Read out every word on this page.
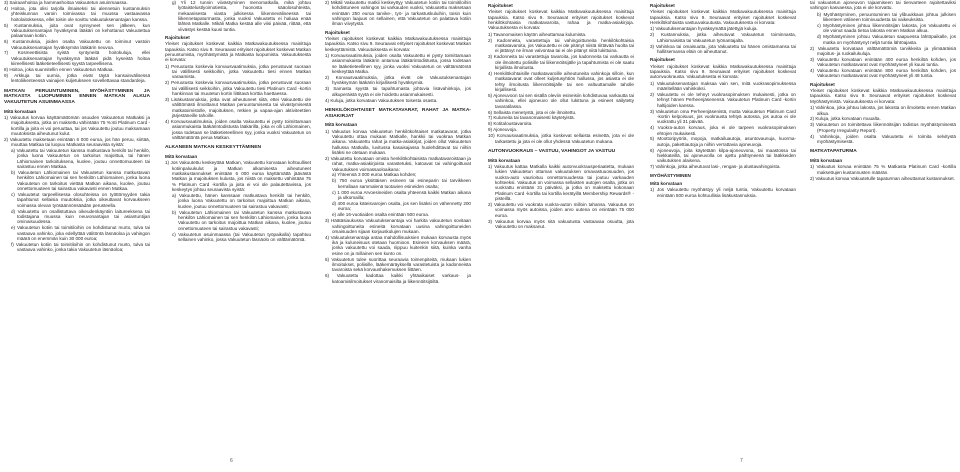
3) Sairaanhoitoa ja hammashoitoa Vakuutetun asuinmaassa.

4) Hoitoa, jota olisi tarjolla ilmaiseksi tai alennetuin kustannuksin yhteiskunnan varoin toimivassa tai muussa vastaavassa hoitolaitoksessa, ellei toisin ole sovittu Vakuutuksenantajan kanssa.

5) Kustannuksia, joita ovat synnyneet sen jälkeen, kun Vakuutuksenantajan hyväksymä lääkäri on kehottanut Vakuutettua palaamaan kotiin.

6) Kustannuksia, joiden osalta Vakuutettu on toiminut vastoin Vakuutuksenantajan hyväksymän lääkärin neuvoa.

7) Kosmeettisista syistä syntyneitä hoitokuluja, ellei Vakuutuksenantajan hyväksymä lääkäri pidä kyseistä hoitoa kiireellisesti lääketieteellisesti syystä tarpeellisena.

8) Hoitoa, joka suunnitellin ennen Vakuutetun Matkaa.

9) Arkkuja tai uurnia, jotka eivät täytä kansainvälisessä lentoliikenteessä vainajien kuljetukseen sovellettavaa standardeja.

MATKAN PERUUNTUMINEN, MYÖHÄSTYMINEN JA MATKASTA LUOPUMINEN ENNEN MATKAN ALKUA VAKUUTETUN ASUINMAASSA

Mitä korvataan

1) Vakuutus korvaa käyttämättömän osuuden Vakuutetun Matkaksi ja majoituksesta, jotka on maksettu vähintään 75 %:sti Platinum Card -kortilla ja joita ei voi peruuttaa, tai jos Vakuutettu joutuu maksamaan muutoksista aiheutunut kulut.

2) Vakuutettu maksetaan enintään 6 000 euroa, jos hän peruu, siirtää, muuttaa Matkaa tai luopuu Matkasta seuraavista syistä:

a) Vakuutettu tai Vakuutetun kanssa matkustava henkilö tai henkilö, jonka luona Vakuutetun on tarkoitus majoittua, tai hänen Lähiomainen tarkoituksena, kuolee, joutuu onnettomuuteen tai sairastuu ennen Matkaa.

b) Vakuutetun Lähiomainen tai Vakuutetun kanssa matkustavan henkilön Lähiomainen tai sen henkilön Lähiomainen, jonka luona Vakuutetun on tarkoitus viettää Matkan aikana, kuolee, joutuu onnettomuuteen tai sairastuu vakavasti ennen Matkaa.

c) Vakuutetut tarpeellisessa olosuhteissa on työttömyyden takia tapahtunut sellaisia muutoksia, jotka oikeuttavat korvaukseen voimassa olevan työsäännönsäädän perusteella.

d) Vakuutettu on osallistuttava oikeudenkäyntiin laitureeksena tai todistajana muussa kuin neuvonantajan tai asiantuntijan ominaisuudessa.

e) Vakuutetun kotiin tai toimitiloihin on kohdistunut murto, tulva tai vastaava vahinko, joka edellyttää välitöntä läsnäoloa ja vahingon määrä on enemmän kuin 30 000 euroa;

f) Vakuutetun kotiin tai toimitiloihin on kohdistunut murto, tulva tai vastaava vahinko, jonka takia Vakuutetun läsnäoloa;

g) Yli 12 tunnin viivästyminen menomatkalla, mikä johtuu lyötaistelustlyoimotiesta, huonosta sääolosuhteista, mekaanisesta viasta julkisessa liikennevälineessä tai liikennetapaturmasta, jonka vuoksi Vakuutettu ei haluaa enää lähteä Matkalle. Mikäli Matka kestää alle viisi päivää, riittää, että viivästys kestää kuusi tuntia.

Rajoitukset

Yleiset rajoitukset koskevat kaikkia Matkavakuutuksessa mainittuja tapauksia. Katso sivu 9. Seuraavat erityiset rajoitukset koskevat Matkan peruuntumista, myöhästymistä ja Matkasta luopumista. Vakuutuksesta ei korvata:

1) Peruutusta koskevia korvausvaatimuksia, jotka perustuvat suoraan tai välillisesti seikkoihin, jotka Vakuutettu tiesi ennen Matkan varaamista.

2) Peruutusta koskevia korvausvaatimuksia, jotka perustuvat suoraan tai välillisesti seikkoihin, jotka Vakuutettu tiesi Platinum Card -kortin hankinnan tai muutetun kortin liittitavä korttia haettaessa.

3) Lisäkustannuksia, jotka ovat aiheutuneet siitä, ettei Vakuutettu ole välittömästi ilmoittanut Matkan peruuntumisesta tai viivästymisestä matkatoimistolle, majoituksen, retkien ja vapaa-ajan aktiviteettien järjestäneille tahoille.

4) Korvausvaatimuksia, joiden osalta Vakuutettu ei pysty toimittamaan asianmukaista lääkärintodistusta lääkärillä, joka ei olli Lähiomainen, jossa todetaan se lääketieteellinen syy, jonka vuoksi Vakuutetun on välttämätöntä perua Matkan.

ALKANEEN MATKAN KESKEYTTÄMINEN

Mitä korvataan

1) Jos Vakuutettu keskeyttää Matkan, Vakuutettu korvataan kohtuulliset kotiinpaluukulut ja Matkan alkamisesta aiheutuneet matkakustannukset enintään 6 000 euroa käyttämättä jäävästä Matkan ja majoituksen kulusta, jos niistä on maksettu vähintään 75 % Platinum Card -kortilla ja joita ei voi ole palautettavissa, jos keskeytys johtuu seuraavista syistä:

a) Vakuutettu, hänen kanssaan matkustava henkilö tai henkilö, jonka luona Vakuutettu on tarkoitus majoittua Matkan aikana, kuolee, joutuu onnettomuuteen tai sairastuu vakavasti;

b) Vakuutetun Lähiomainen tai Vakuutetun kanssa matkustavan henkilön Lähiomainen tai sen henkilön Lähiomainen, jonka luona Vakuutettu on tarkoitus majoittua Matkan aikana, kuolee, joutuu onnettomuuteen tai sairastuu vakavasti;

c) Vakuutetun asuinmaassa (tai Vakuutetun työpaikalla) tapahtuu sellainen vahinko, jossa Vakuutetun läsnäolo on välttämätöntä.

2) Mikäli Vakuutettu matkii keskeyttyy Vakuutetun kotiin tai toimitiloihin kohdistuneen vahingon tai varkauden vuoksi, Vakuutettu maksetaan enintään 250 euroa tarvike-, työ- ja tarkastuskuluihin, toisin kuin vahingon laajuus on sellainen, että Vakuutetun on palattava kotiin ilman viivytystä.

Rajoitukset

Yleiset rajoitukset koskevat kaikkia Matkavakuutuksessa mainittuja tapauksia. Katso sivu 9. Seuraavat erityiset rajoitukset koskevat Matkan keskeyttämistä. Vakuutuksesta ei korvata:

1) Korvausvaatimuksia, joiden osalta Vakuutettu ei pysty toimittamaan asianmukaista lääkärin antamaa lääkärintodistusta, jossa todetaan se lääketieteellinen syy, jonka vuoksi Vakuutetun on välttämätöntä keskeyttää Matka.

2) Korvausvaatimuksia, jotka eivät ole Vakuutuksenantajan hyväksymän lääkärin kirjallisesti hyväksymiä.

3) Samasta syystä tai tapahtumasta johtuvia lisävahinkoja, jos alkuperäistä syytä ei ole hoidettu asianmukaisesti.

4) Kuluja, jotka korvataan Vakuutuksen toisesta osasta.

HENKILÖKOHTAISET MATKATAVARAT, RAHAT JA MATKA-ASIAKIRJAT

Mitä korvataan

1) Vakuutus korvaa Vakuutetun henkilökohtaiset matkatavarat, jotka Vakuutettu ottaa mukaan Matkalle, hankkii tai vuokraa Matkan aikana. Vakuutettu rahat ja matka-asiakirjat, joiden ollut Vakuutetun hallussa Matkalla, luvitussa kasaisajassa huolehdittavat tai niihin lisäksi ne otetaan mukaan.

2) Vakuutettu korvataan omista henkilökohtaisista matkatavaroistaan ja rahat, matka-asiakirjoista varastetuksi, katoavat tai vahingoittuvat Vakuutuksen voimassaoloaikana:

a) Yhteensä 3 000 euroa Matkaa kohden;

b) 750 euroa yksittäisen esineen tai esineparin tai tarvikkeen kerrallaan sammalenä tuotavien esineiden osalta;

c) 1 000 euroa Arvoesineiden osalta yhteensä kaikki Matkan aikana ja ulkomailla;

d) 400 euroa käteisvarojen osalta, jos sen lisäksi on vähennetty 200 euroa;

e) alle 16-vuotiaiden osalta enintään 500 euroa.

3) Häätäsiaukussa Vakuutuksenantaja voi harkita vakuutetun sovitaan vahingoittuneita esineitä korvataan uusina vahingoittuneiden omaisuuden sijaan korjauskulujen mukaan.

4) Vakuutuksenantaja antaa mahdollisuuksien mukaan korvausta myös ikä ja kuluneisuus otetaan huomioon. Esineen korvauksen määrä, jonka vakuutettu voi saada, riippuu kuitenkin siitä, kuinka vanha esine on ja millainen sen kunto on.

5) Vakuutetun tulee suorittaa seuraavia toimenpiteitä, mukaan lukien ilmoitukset, poliisille, lääkemäräyksellä varastetuista ja kadonneista tavaroista sekä korvaushakemuksen liittäen.

6) Vakuutettu kadottaa kaikki yhtäaikaiset varkaus- ja katoamisilmoitukset viranomaisilta ja liikennöitsijöiltä.

6

Rajoitukset

Yleiset rajoitukset koskevat kaikkia Matkavakuutuksessa mainittuja tapauksia. Katso sivu 9. Seuraavat erityiset rajoitukset koskevat henkilökohtaisia matkatavaroita, rahaa ja matka-asiakirjoja. Vakuutuksesta ei korvata:

1) Tavanomaisen käytön aiheuttamaa kulumista.

2) Kadonneita, varastettuja tai vahingoittuneita henkilökohtaisia matkatavaroita, jos Vakuutettu ei ole pitänyt niistä riittävää huolta tai ei jättänyt ne ilman valvontaa tai ei ole pitänyt niitä lukittuina.

3) Kadonneita tai varastettuja tavaroita, jos kadonneita tai varkautta ei ole ilmoitettu poliisille tai liikennöitsijälle ja tapahtumista ei ole saatu kirjallista ilmoitusta.

4) Henkilökohtaisille matkatavaroille aiheutuneita vahinkoja silloin, kun matkatavarat ovat olleet kuljetusyhtiön hallussa, jos asiasta ei ole tehty ilmoitusta liikennöitsijälle tai sen valtuuttamalle taholle kirjallisesti.

5) Ajoneuvoon tai sen sisällä oleviin esineisiin kohdistuvaa varkautta tai vahinkoa, ellei ajoneuvo ole ollut lukittuna ja esineet säilytetty tavaratilassa.

6) Sellaista menetystä, jota ei ole ilmoitettu.

7) Kuluneita tai tavanomaisesti käytetyistä.

8) Kotitaloustavaroita.

9) Ajoneuvoja.

10) Korvausvaatimuksia, jotka koskevat sellaista esinettä, jota ei ole tarkastettu ja jota ei ole ollut yhdessä Vakuutetun mukana.

AUTONVUOKRAUS – VASTUU, VAHINGOT JA VASTUU

Mitä korvataan

1) Vakuutus kattaa Matkalla kaikki autonvuokrausperiaatetta, mukaan lukien Vakuutetun ottaman vakuutuksen omavastuuosuuden, jos vuokra-auto vaurioituu onnettomuudessa tai joutuu varkauden kohteeksi. Vakuutus on voimassa sellaisten autojen osalta, jotka on vuokrattu enintään 31 päiväksi, ja jotka on maksettu kokonaan Platinum Card -kortilla tai kortilla kerätyillä Membership Rewards® -pisteillä.

2) Vakuutettu voi vuokrata vuokra-auton milloin tahansa. Vakuutus on voimassa myös autoissa, joiden arvo uutena on enintään 75 000 euroa.

3) Vakuutus korvaa myös sitä vakuutusta vastaavaa osuutta, jota Vakuutettu on maksanut.

Rajoitukset

Yleiset rajoitukset koskevat kaikkia Matkavakuutuksessa mainittuja tapauksia. Katso sivu 9. Seuraavat erityiset rajoitukset koskevat Henkilökohtaista vastuuvakuutusta. Vakuutuksesta ei korvata:

1) Vakuutuksenantajan hyväksymättä jätettyjä kuluja.

2) Kustannuksia, jotka aiheutuvat Vakuutetun toiminnasta, Lähiomaisista tai Vakuutetun työnantajalta.

3) Vahinkoa tai omaisuutta, jota Vakuutettu tai hänen omistamansa tai hallitsemansa eläin on aiheuttanut.

Rajoitukset

Yleiset rajoitukset koskevat kaikkia Matkavakuutuksessa mainittuja tapauksia. Katso sivu 9. Seuraavat erityiset rajoitukset koskevat autonvuokrausta. Vakuutuksesta ei korvata:

1) Vakuutuksenantajan maksaa vain sen, mitä vuokrasopimuksessa määritellään vahinkoksi.

2) Vakuutettu ei ole tehnyt vuokrasopimuksen mukaisesti, jotka on tehnyt hänen Perheenjäsenensä. Vakuutetun Platinum Card -kortin haltijoiden kanssa.

3) Vakuutetun oma Perheenjäsenistä, mutta Vakuutetun Platinum Card -kortin kelpoisuus, jos vuokrausta tehtyä autossa, jos autoa ei ole vuokrattu yli 31 päivää.

4) Vuokra-auton korvaus, joka ei ole tarpeen vuokrasopimuksen ehtojen mukaisesti.

5) Moottoripyöriä, mopoja, matkailuautoja, asuntovaunuja, kuorma-autoja, pakettiautoja ja niihin verrattavia ajoneuvoja.

6) Ajoneuvoja, joita käytetään kilpa-ajoneuvona, tai maastossa tai hiekkateillä, tai ajoneuvolla on ajettu päihtyneenä tai lääkkeiden vaikutuksen alaisena.

7) Vahinkoja, jotka aiheutuvat lasi-, rengas- ja alustavahingoista.

MYÖHÄSTYMINEN

Mitä korvataan

1) Jos Vakuutettu myöhästyy yli neljä tuntia, Vakuutettu korvataan enintään 500 euroa kohtuullisia lisäkustannuksia.

tai vakuutetun ajoneuvon rajaamiseen tai tienvarteen rajoitettaviksi vahingon kasvaessa, jota ei ole korvattu.

b) Myöhästyminen, peruuntuminen tai ylibuukkaus johtuu julkisen liikenteen välineen toimivuudesta tai vaikeuksista.

c) Myöhästyminen johtuu liikennöitsijän lakosta, jos Vakuutettu ei ole voinut saada tietoa lakosta ennen Matkan alkua.

d) Myöhästyminen johtuu Vakuutetun saapuessa lähtöpaikalle, jos matka on myöhästynyt neljä tuntia lähtöajasta.

2) Vakuutettu korvataan välttämättömiä tarvikkeita ja ylimääräisiä majoitus- ja ruokailukuluja.

3) Vakuutettu korvataan enintään 400 euroa henkilöä kohden, jos Vakuutetun matkatavarat ovat myöhästyneet yli kuusi tuntia.

4) Vakuutettu korvataan enintään 800 euroa henkilöä kohden, jos Vakuutetun matkatavarat ovat myöhästyneet yli 48 tuntia.

Rajoitukset

Yleiset rajoitukset koskevat kaikkia Matkavakuutuksessa mainittuja tapauksia. Katso sivu 9. Seuraavat erityiset rajoitukset koskevat Myöhästymistä. Vakuutuksesta ei korvata:

1) Vahinkoa, joka johtuu lakosta, jos lakosta on ilmoitettu ennen Matkan alkua.

2) Kuluja, jotka korvataan muualta.

3) Vakuutetun on toimitettava liikennöitsijän todistus myöhästymisestä (Property Irregularity Report).

4) Vahinkoja, joiden osalta Vakuutettu ei toimita selvitystä myöhästymisestä.

MATKATAPATURMA

Mitä korvataan

1) Vakuutus korvaa enintään 75 % Matkasta Platinum Card -kortilla maksettujen kustannusten määrän.

2) Vakuutus korvaa Vakuutetulle tapaturman aiheuttamat kustannukset.

7
